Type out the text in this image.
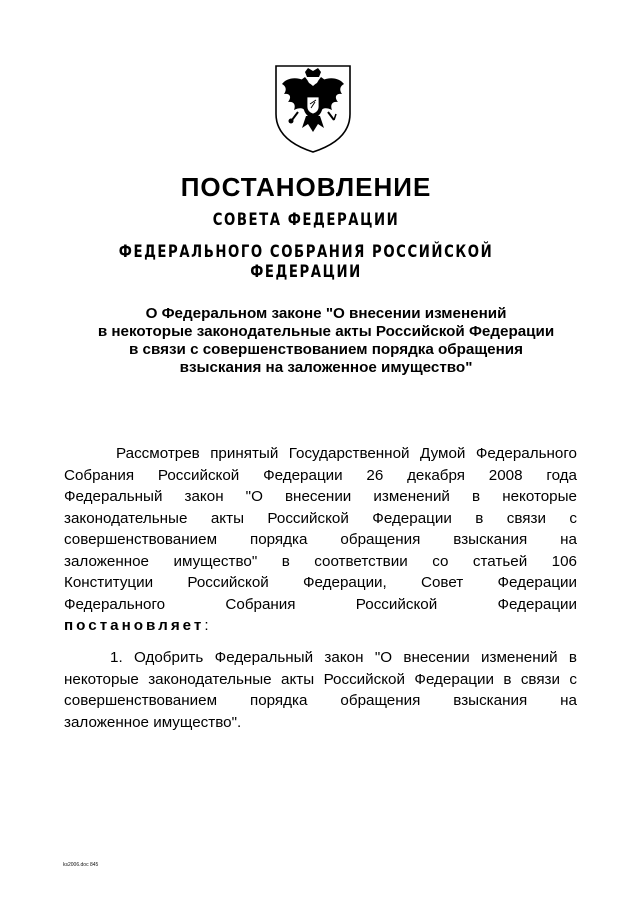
ПОСТАНОВЛЕНИЕ
СОВЕТА ФЕДЕРАЦИИ
ФЕДЕРАЛЬНОГО СОБРАНИЯ РОССИЙСКОЙ ФЕДЕРАЦИИ
О Федеральном законе "О внесении изменений
в некоторые законодательные акты Российской Федерации
в связи с совершенствованием порядка обращения
взыскания на заложенное имущество"
Рассмотрев принятый Государственной Думой Федерального
Собрания Российской Федерации 26 декабря 2008 года
Федеральный закон "О внесении изменений в некоторые
законодательные акты Российской Федерации в связи с
совершенствованием порядка обращения взыскания на
заложенное имущество" в соответствии со статьей 106
Конституции Российской Федерации, Совет Федерации
Федерального Собрания Российской Федерации
постановляет:
1. Одобрить Федеральный закон "О внесении изменений в
некоторые законодательные акты Российской Федерации в связи с
совершенствованием порядка обращения взыскания на
заложенное имущество".
ks2006.doc 845
